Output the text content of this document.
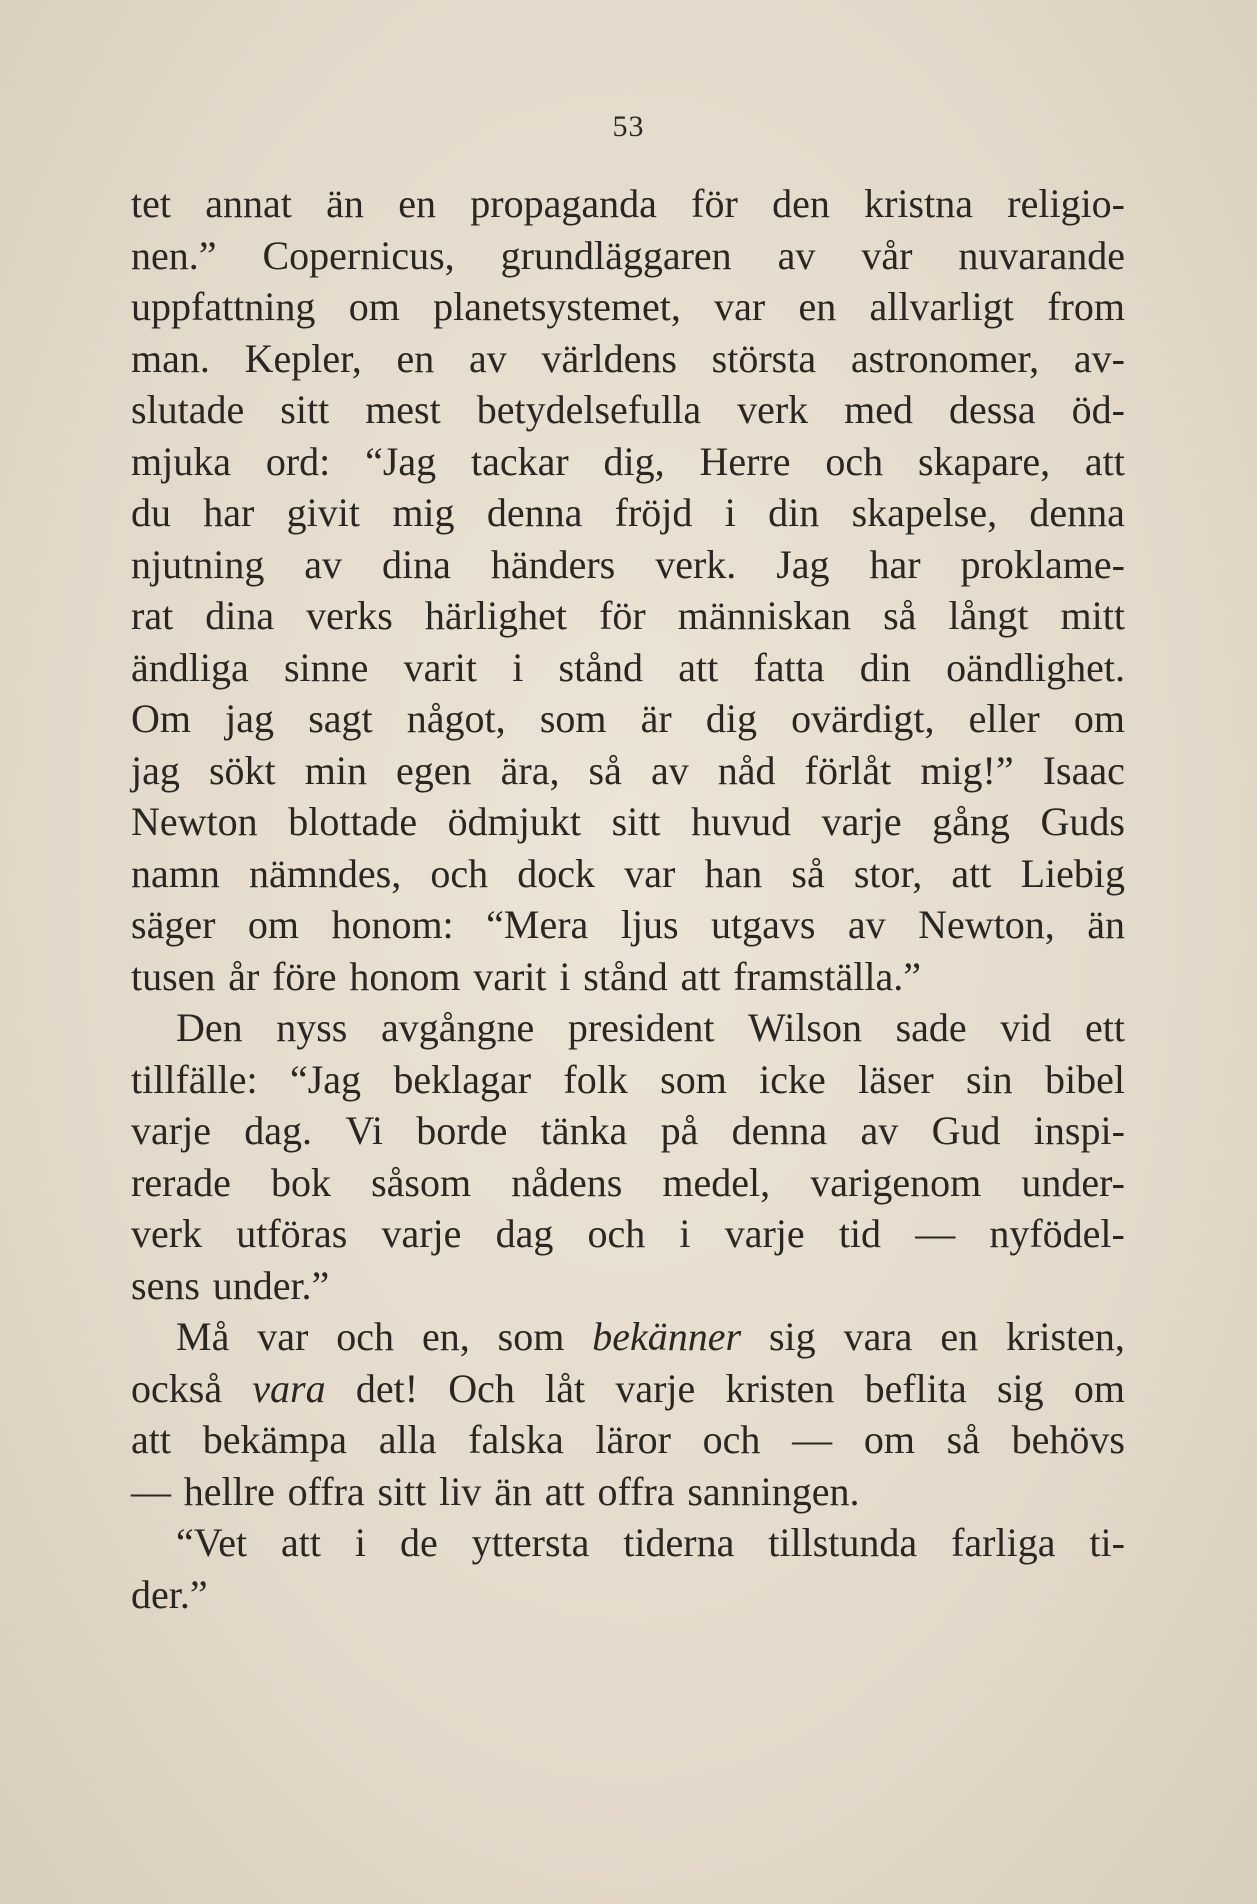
53
tet annat än en propaganda för den kristna religio-
nen.” Copernicus, grundläggaren av vår nuvarande
uppfattning om planetsystemet, var en allvarligt from
man. Kepler, en av världens största astronomer, av-
slutade sitt mest betydelsefulla verk med dessa öd-
mjuka ord: “Jag tackar dig, Herre och skapare, att
du har givit mig denna fröjd i din skapelse, denna
njutning av dina händers verk. Jag har proklame-
rat dina verks härlighet för människan så långt mitt
ändliga sinne varit i stånd att fatta din oändlighet.
Om jag sagt något, som är dig ovärdigt, eller om
jag sökt min egen ära, så av nåd förlåt mig!” Isaac
Newton blottade ödmjukt sitt huvud varje gång Guds
namn nämndes, och dock var han så stor, att Liebig
säger om honom: “Mera ljus utgavs av Newton, än
tusen år före honom varit i stånd att framställa.”
Den nyss avgångne president Wilson sade vid ett
tillfälle: “Jag beklagar folk som icke läser sin bibel
varje dag. Vi borde tänka på denna av Gud inspi-
rerade bok såsom nådens medel, varigenom under-
verk utföras varje dag och i varje tid — nyfödel-
sens under.”
Må var och en, som bekänner sig vara en kristen,
också vara det! Och låt varje kristen beflita sig om
att bekämpa alla falska läror och — om så behövs
— hellre offra sitt liv än att offra sanningen.
“Vet att i de yttersta tiderna tillstunda farliga ti-
der.”
